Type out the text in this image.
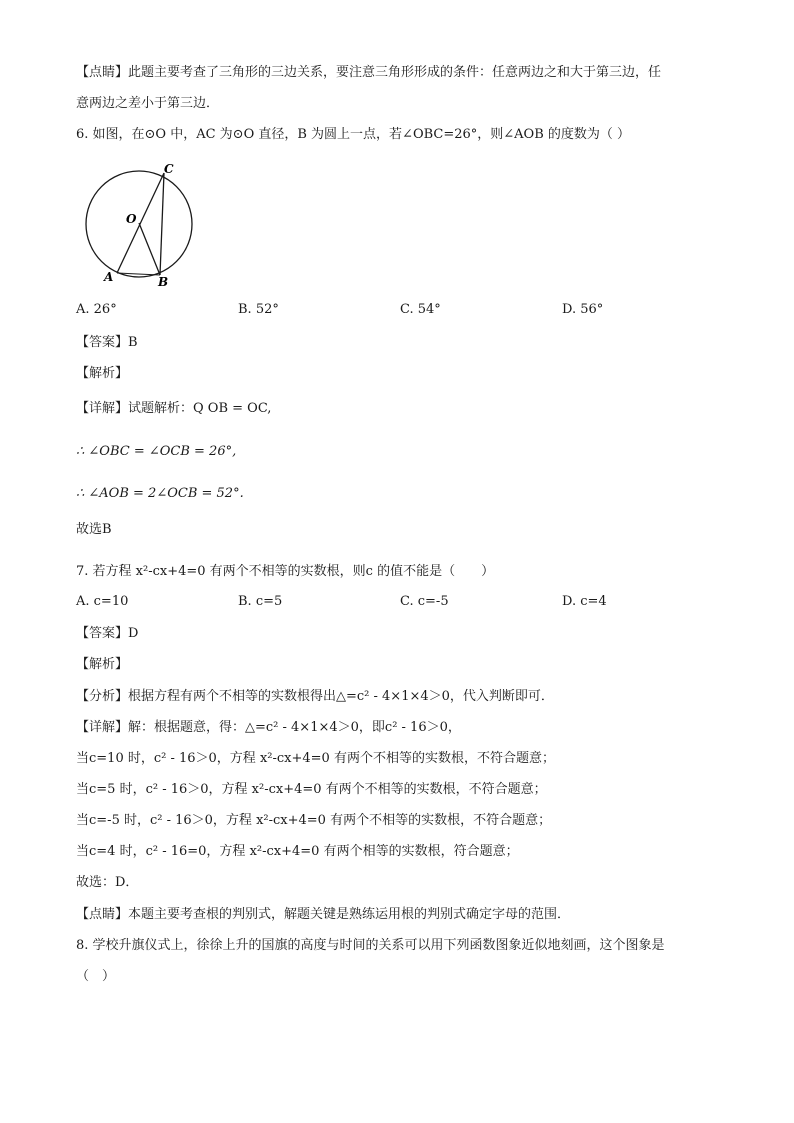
【点睛】此题主要考查了三角形的三边关系，要注意三角形形成的条件：任意两边之和大于第三边，任
意两边之差小于第三边．
6. 如图，在⊙O 中，AC 为⊙O 直径，B 为圆上一点，若∠OBC=26°，则∠AOB 的度数为（ ）
C
O
A	B
A. 26°	B. 52°	C. 54°	D. 56°
【答案】B
【解析】
【详解】试题解析：Q OB = OC,
∴ ∠OBC = ∠OCB = 26°,
∴ ∠AOB = 2∠OCB = 52°.
故选B
7. 若方程 x²-cx+4=0 有两个不相等的实数根，则c 的值不能是（　　）
A. c=10	B. c=5	C. c=-5	D. c=4
【答案】D
【解析】
【分析】根据方程有两个不相等的实数根得出△=c² - 4×1×4＞0，代入判断即可．
【详解】解：根据题意，得：△=c² - 4×1×4＞0，即c² - 16＞0，
当c=10 时，c² - 16＞0，方程 x²-cx+4=0 有两个不相等的实数根，不符合题意；
当c=5 时，c² - 16＞0，方程 x²-cx+4=0 有两个不相等的实数根，不符合题意；
当c=-5 时，c² - 16＞0，方程 x²-cx+4=0 有两个不相等的实数根，不符合题意；
当c=4 时，c² - 16=0，方程 x²-cx+4=0 有两个相等的实数根，符合题意；
故选：D．
【点睛】本题主要考查根的判别式，解题关键是熟练运用根的判别式确定字母的范围．
8. 学校升旗仪式上，徐徐上升的国旗的高度与时间的关系可以用下列函数图象近似地刻画，这个图象是
（　）
